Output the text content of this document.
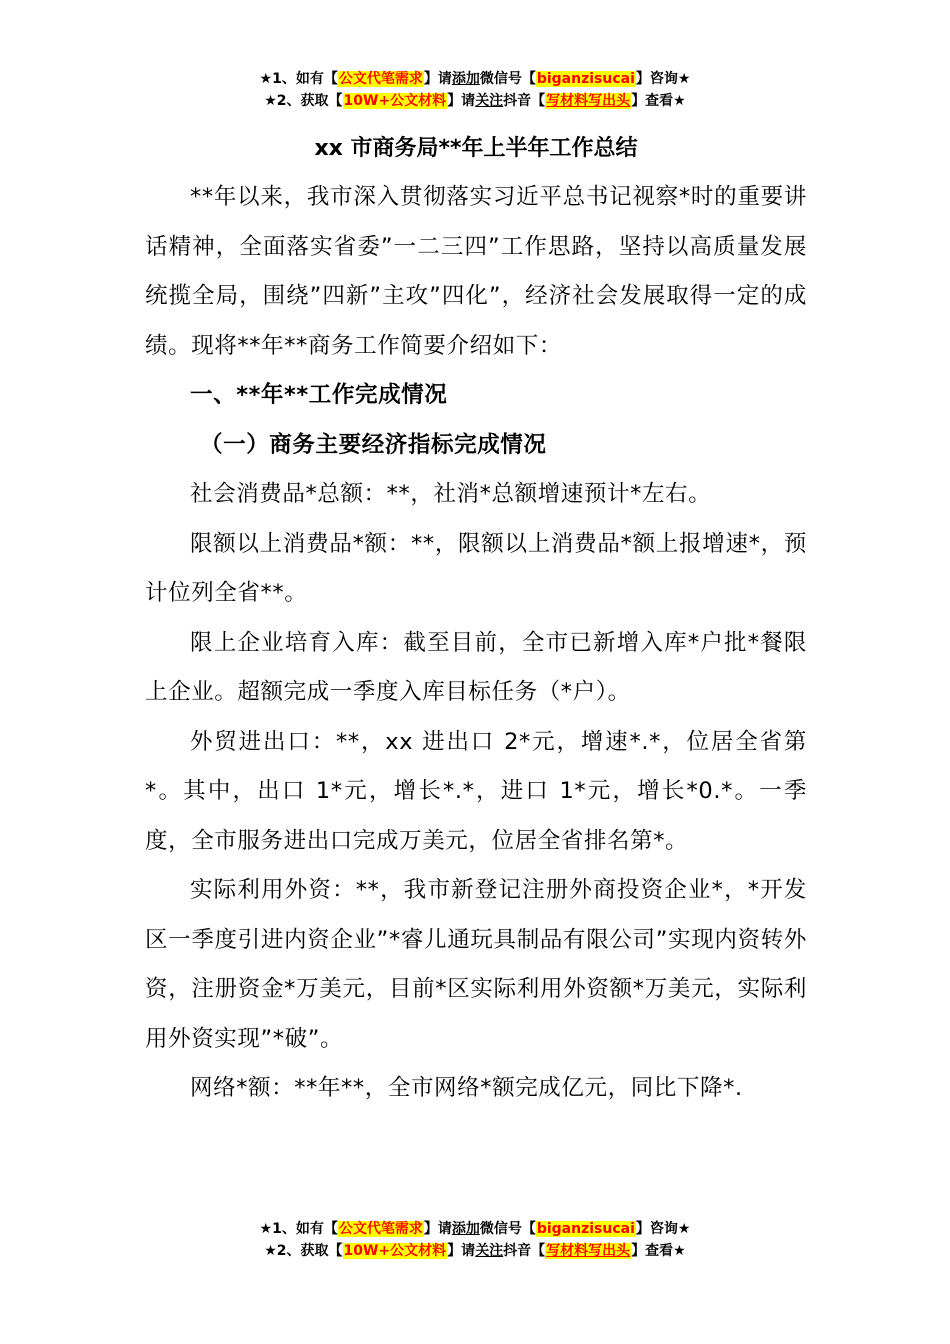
★1、如有【公文代笔需求】请添加微信号【biganzisucai】咨询★
★2、获取【10W+公文材料】请关注抖音【写材料写出头】查看★
xx 市商务局**年上半年工作总结

**年以来，我市深入贯彻落实习近平总书记视察*时的重要讲话精神，全面落实省委”一二三四”工作思路，坚持以高质量发展统揽全局，围绕”四新”主攻”四化”，经济社会发展取得一定的成绩。现将**年**商务工作简要介绍如下：

一、**年**工作完成情况

（一）商务主要经济指标完成情况

社会消费品*总额：**，社消*总额增速预计*左右。

限额以上消费品*额：**，限额以上消费品*额上报增速*，预计位列全省**。

限上企业培育入库：截至目前，全市已新增入库*户批*餐限上企业。超额完成一季度入库目标任务（*户）。

外贸进出口：**，xx 进出口 2*元，增速*.*，位居全省第*。其中，出口 1*元，增长*.*，进口 1*元，增长*0.*。一季度，全市服务进出口完成万美元，位居全省排名第*。

实际利用外资：**，我市新登记注册外商投资企业*，*开发区一季度引进内资企业”*睿儿通玩具制品有限公司”实现内资转外资，注册资金*万美元，目前*区实际利用外资额*万美元，实际利用外资实现”*破”。

网络*额：**年**，全市网络*额完成亿元，同比下降*.

★1、如有【公文代笔需求】请添加微信号【biganzisucai】咨询★
★2、获取【10W+公文材料】请关注抖音【写材料写出头】查看★
